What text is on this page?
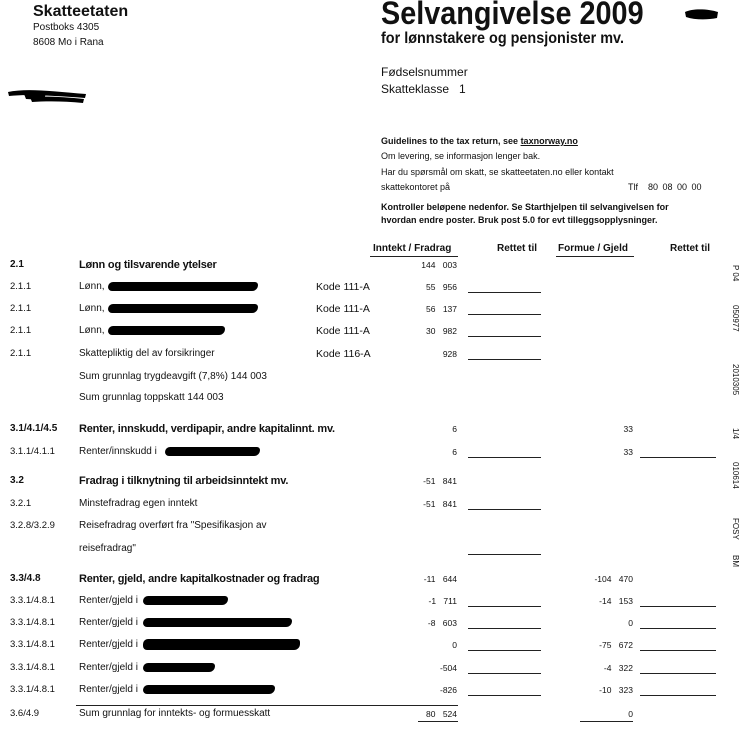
Skatteetaten
Postboks 4305
8608 Mo i Rana
Selvangivelse 2009
for lønnstakere og pensjonister mv.
Fødselsnummer
Skatteklasse 1
Guidelines to the tax return, see taxnorway.no
Om levering, se informasjon lenger bak.
Har du spørsmål om skatt, se skatteetaten.no eller kontakt
skattekontoret på	Tlf 80 08 00 00
Kontroller beløpene nedenfor. Se Starthjelpen til selvangivelsen for
hvordan endre poster. Bruk post 5.0 for evt tilleggsopplysninger.
Inntekt / Fradrag	Rettet til Formue / Gjeld	Rettet til
P 04
050977
2010305
1/4
010614
FOSY
BM
2.1	Lønn og tilsvarende ytelser	144 003
2.1.1	Lønn,	Kode 111-A	55 956
2.1.1	Lønn,	Kode 111-A	56 137
2.1.1	Lønn,	Kode 111-A	30 982
2.1.1	Skattepliktig del av forsikringer	Kode 116-A	928
Sum grunnlag trygdeavgift (7,8%) 144 003
Sum grunnlag toppskatt 144 003
3.1/4.1/4.5 Renter, innskudd, verdipapir, andre kapitalinnt. mv.	6	33
3.1.1/4.1.1 Renter/innskudd i	6	33
3.2	Fradrag i tilknytning til arbeidsinntekt mv.	-51 841
3.2.1	Minstefradrag egen inntekt	-51 841
3.2.8/3.2.9 Reisefradrag overført fra "Spesifikasjon av
reisefradrag"
3.3/4.8	Renter, gjeld, andre kapitalkostnader og fradrag	-11 644	-104 470
3.3.1/4.8.1 Renter/gjeld i	-1 711	-14 153
3.3.1/4.8.1 Renter/gjeld i	-8 603	0
3.3.1/4.8.1 Renter/gjeld i	0	-75 672
3.3.1/4.8.1 Renter/gjeld i	-504	-4 322
3.3.1/4.8.1 Renter/gjeld i	-826	-10 323
3.6/4.9	Sum grunnlag for inntekts- og formuesskatt	80 524	0
